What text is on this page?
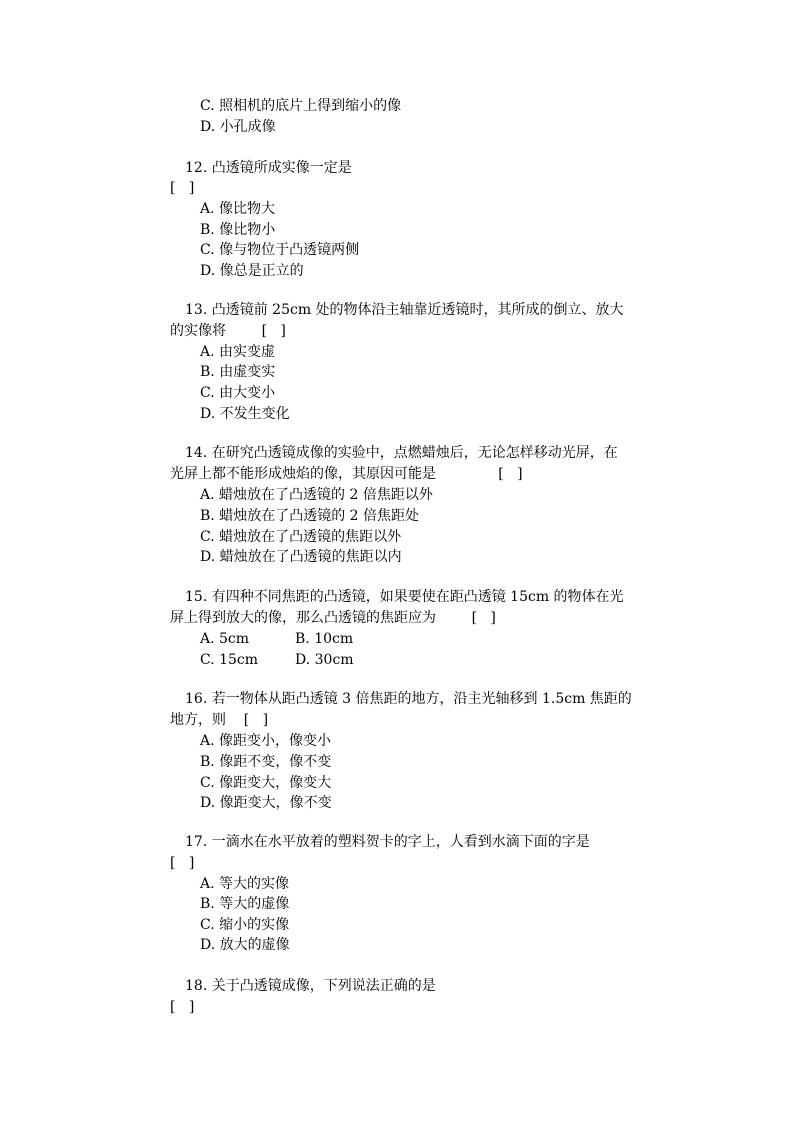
C. 照相机的底片上得到缩小的像

D. 小孔成像

12. 凸透镜所成实像一定是

[   ]

A. 像比物大

B. 像比物小

C. 像与物位于凸透镜两侧

D. 像总是正立的

13. 凸透镜前 25cm 处的物体沿主轴靠近透镜时，其所成的倒立、放大

的实像将        [   ]

A. 由实变虚

B. 由虚变实

C. 由大变小

D. 不发生变化

14. 在研究凸透镜成像的实验中，点燃蜡烛后，无论怎样移动光屏，在

光屏上都不能形成烛焰的像，其原因可能是              [   ]

A. 蜡烛放在了凸透镜的 2 倍焦距以外

B. 蜡烛放在了凸透镜的 2 倍焦距处

C. 蜡烛放在了凸透镜的焦距以外

D. 蜡烛放在了凸透镜的焦距以内

15. 有四种不同焦距的凸透镜，如果要使在距凸透镜 15cm 的物体在光

屏上得到放大的像，那么凸透镜的焦距应为        [   ]

A. 5cm	B. 10cm

C. 15cm	D. 30cm

16. 若一物体从距凸透镜 3 倍焦距的地方，沿主光轴移到 1.5cm 焦距的

地方，则    [   ]

A. 像距变小，像变小

B. 像距不变，像不变

C. 像距变大，像变大

D. 像距变大，像不变

17. 一滴水在水平放着的塑料贺卡的字上，人看到水滴下面的字是

[   ]

A. 等大的实像

B. 等大的虚像

C. 缩小的实像

D. 放大的虚像

18. 关于凸透镜成像，下列说法正确的是

[   ]
